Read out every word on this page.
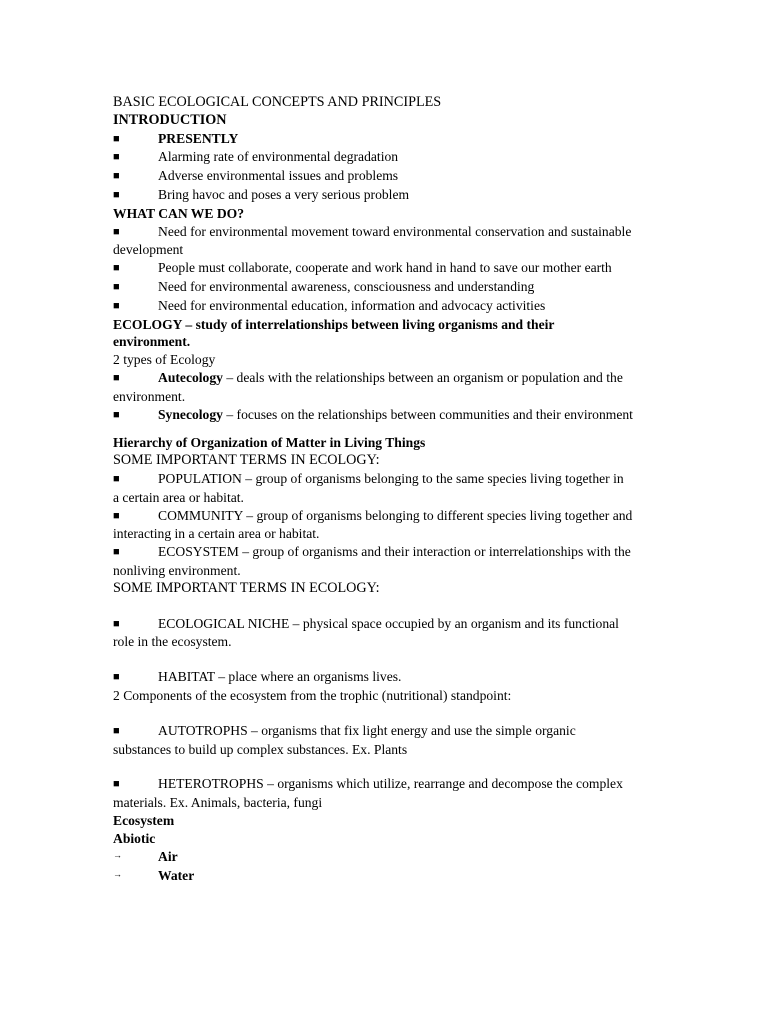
BASIC ECOLOGICAL CONCEPTS AND PRINCIPLES

INTRODUCTION

■	PRESENTLY

■	Alarming rate of environmental degradation

■	Adverse environmental issues and problems

■	Bring havoc and poses a very serious problem

WHAT CAN WE DO?

■	Need for environmental movement toward environmental conservation and sustainable development

■	People must collaborate, cooperate and work hand in hand to save our mother earth

■	Need for environmental awareness, consciousness and understanding

■	Need for environmental education, information and advocacy activities

ECOLOGY – study of interrelationships between living organisms and their environment.

2 types of Ecology

■	Autecology – deals with the relationships between an organism or population and the environment.

■	Synecology – focuses on the relationships between communities and their environment

Hierarchy of Organization of Matter in Living Things

SOME IMPORTANT TERMS IN ECOLOGY:

■	POPULATION – group of organisms belonging to the same species living together in a certain area or habitat.

■	COMMUNITY – group of organisms belonging to different species living together and interacting in a certain area or habitat.

■	ECOSYSTEM – group of organisms and their interaction or interrelationships with the nonliving environment.

SOME IMPORTANT TERMS IN ECOLOGY:

■	ECOLOGICAL NICHE – physical space occupied by an organism and its functional role in the ecosystem.

■	HABITAT – place where an organisms lives.

2 Components of the ecosystem from the trophic (nutritional) standpoint:

■	AUTOTROPHS – organisms that fix light energy and use the simple organic substances to build up complex substances. Ex. Plants

■	HETEROTROPHS – organisms which utilize, rearrange and decompose the complex materials. Ex. Animals, bacteria, fungi

Ecosystem

Abiotic

→	Air

→	Water
